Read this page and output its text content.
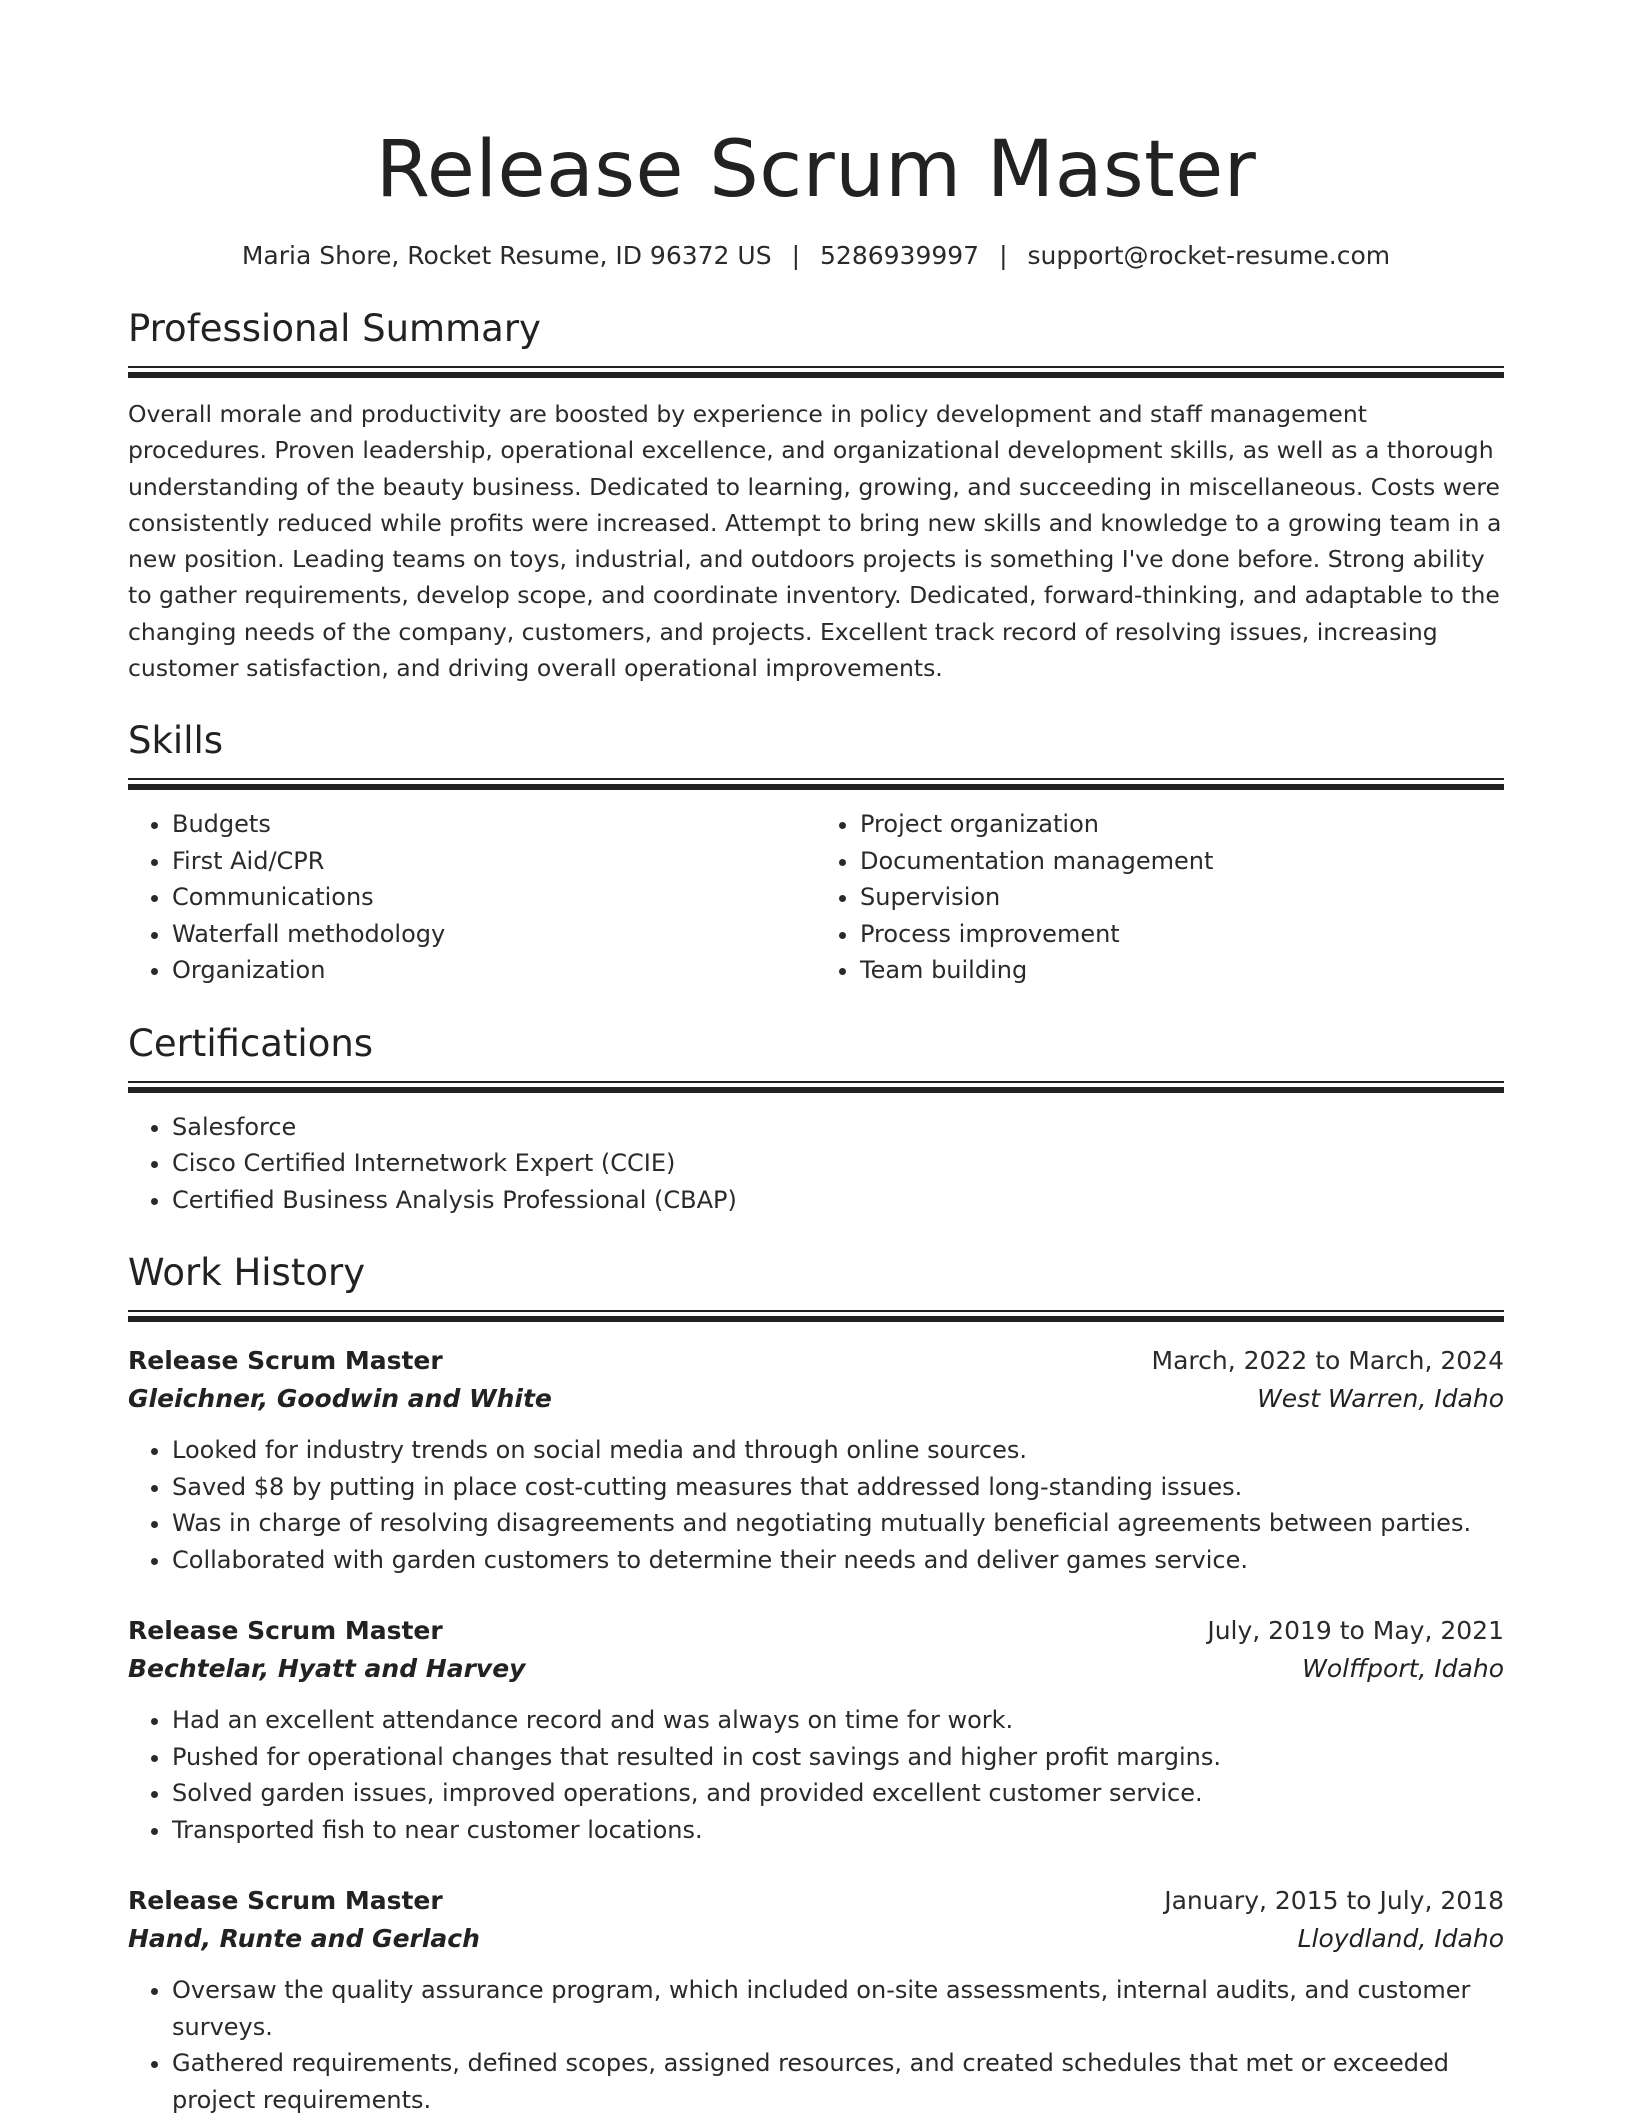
Release Scrum Master
Maria Shore, Rocket Resume, ID 96372 US | 5286939997 | support@rocket-resume.com
Professional Summary

Overall morale and productivity are boosted by experience in policy development and staff management procedures. Proven leadership, operational excellence, and organizational development skills, as well as a thorough understanding of the beauty business. Dedicated to learning, growing, and succeeding in miscellaneous. Costs were consistently reduced while profits were increased. Attempt to bring new skills and knowledge to a growing team in a new position. Leading teams on toys, industrial, and outdoors projects is something I've done before. Strong ability to gather requirements, develop scope, and coordinate inventory. Dedicated, forward-thinking, and adaptable to the changing needs of the company, customers, and projects. Excellent track record of resolving issues, increasing customer satisfaction, and driving overall operational improvements.

Skills
• Budgets
• First Aid/CPR
• Communications
• Waterfall methodology
• Organization
• Project organization
• Documentation management
• Supervision
• Process improvement
• Team building
Certifications
• Salesforce
• Cisco Certified Internetwork Expert (CCIE)
• Certified Business Analysis Professional (CBAP)
Work History
Release Scrum Master	March, 2022 to March, 2024
Gleichner, Goodwin and White	West Warren, Idaho
• Looked for industry trends on social media and through online sources.
• Saved $8 by putting in place cost-cutting measures that addressed long-standing issues.
• Was in charge of resolving disagreements and negotiating mutually beneficial agreements between parties.
• Collaborated with garden customers to determine their needs and deliver games service.
Release Scrum Master	July, 2019 to May, 2021
Bechtelar, Hyatt and Harvey	Wolffport, Idaho
• Had an excellent attendance record and was always on time for work.
• Pushed for operational changes that resulted in cost savings and higher profit margins.
• Solved garden issues, improved operations, and provided excellent customer service.
• Transported fish to near customer locations.
Release Scrum Master	January, 2015 to July, 2018
Hand, Runte and Gerlach	Lloydland, Idaho
• Oversaw the quality assurance program, which included on-site assessments, internal audits, and customer surveys.
• Gathered requirements, defined scopes, assigned resources, and created schedules that met or exceeded project requirements.
